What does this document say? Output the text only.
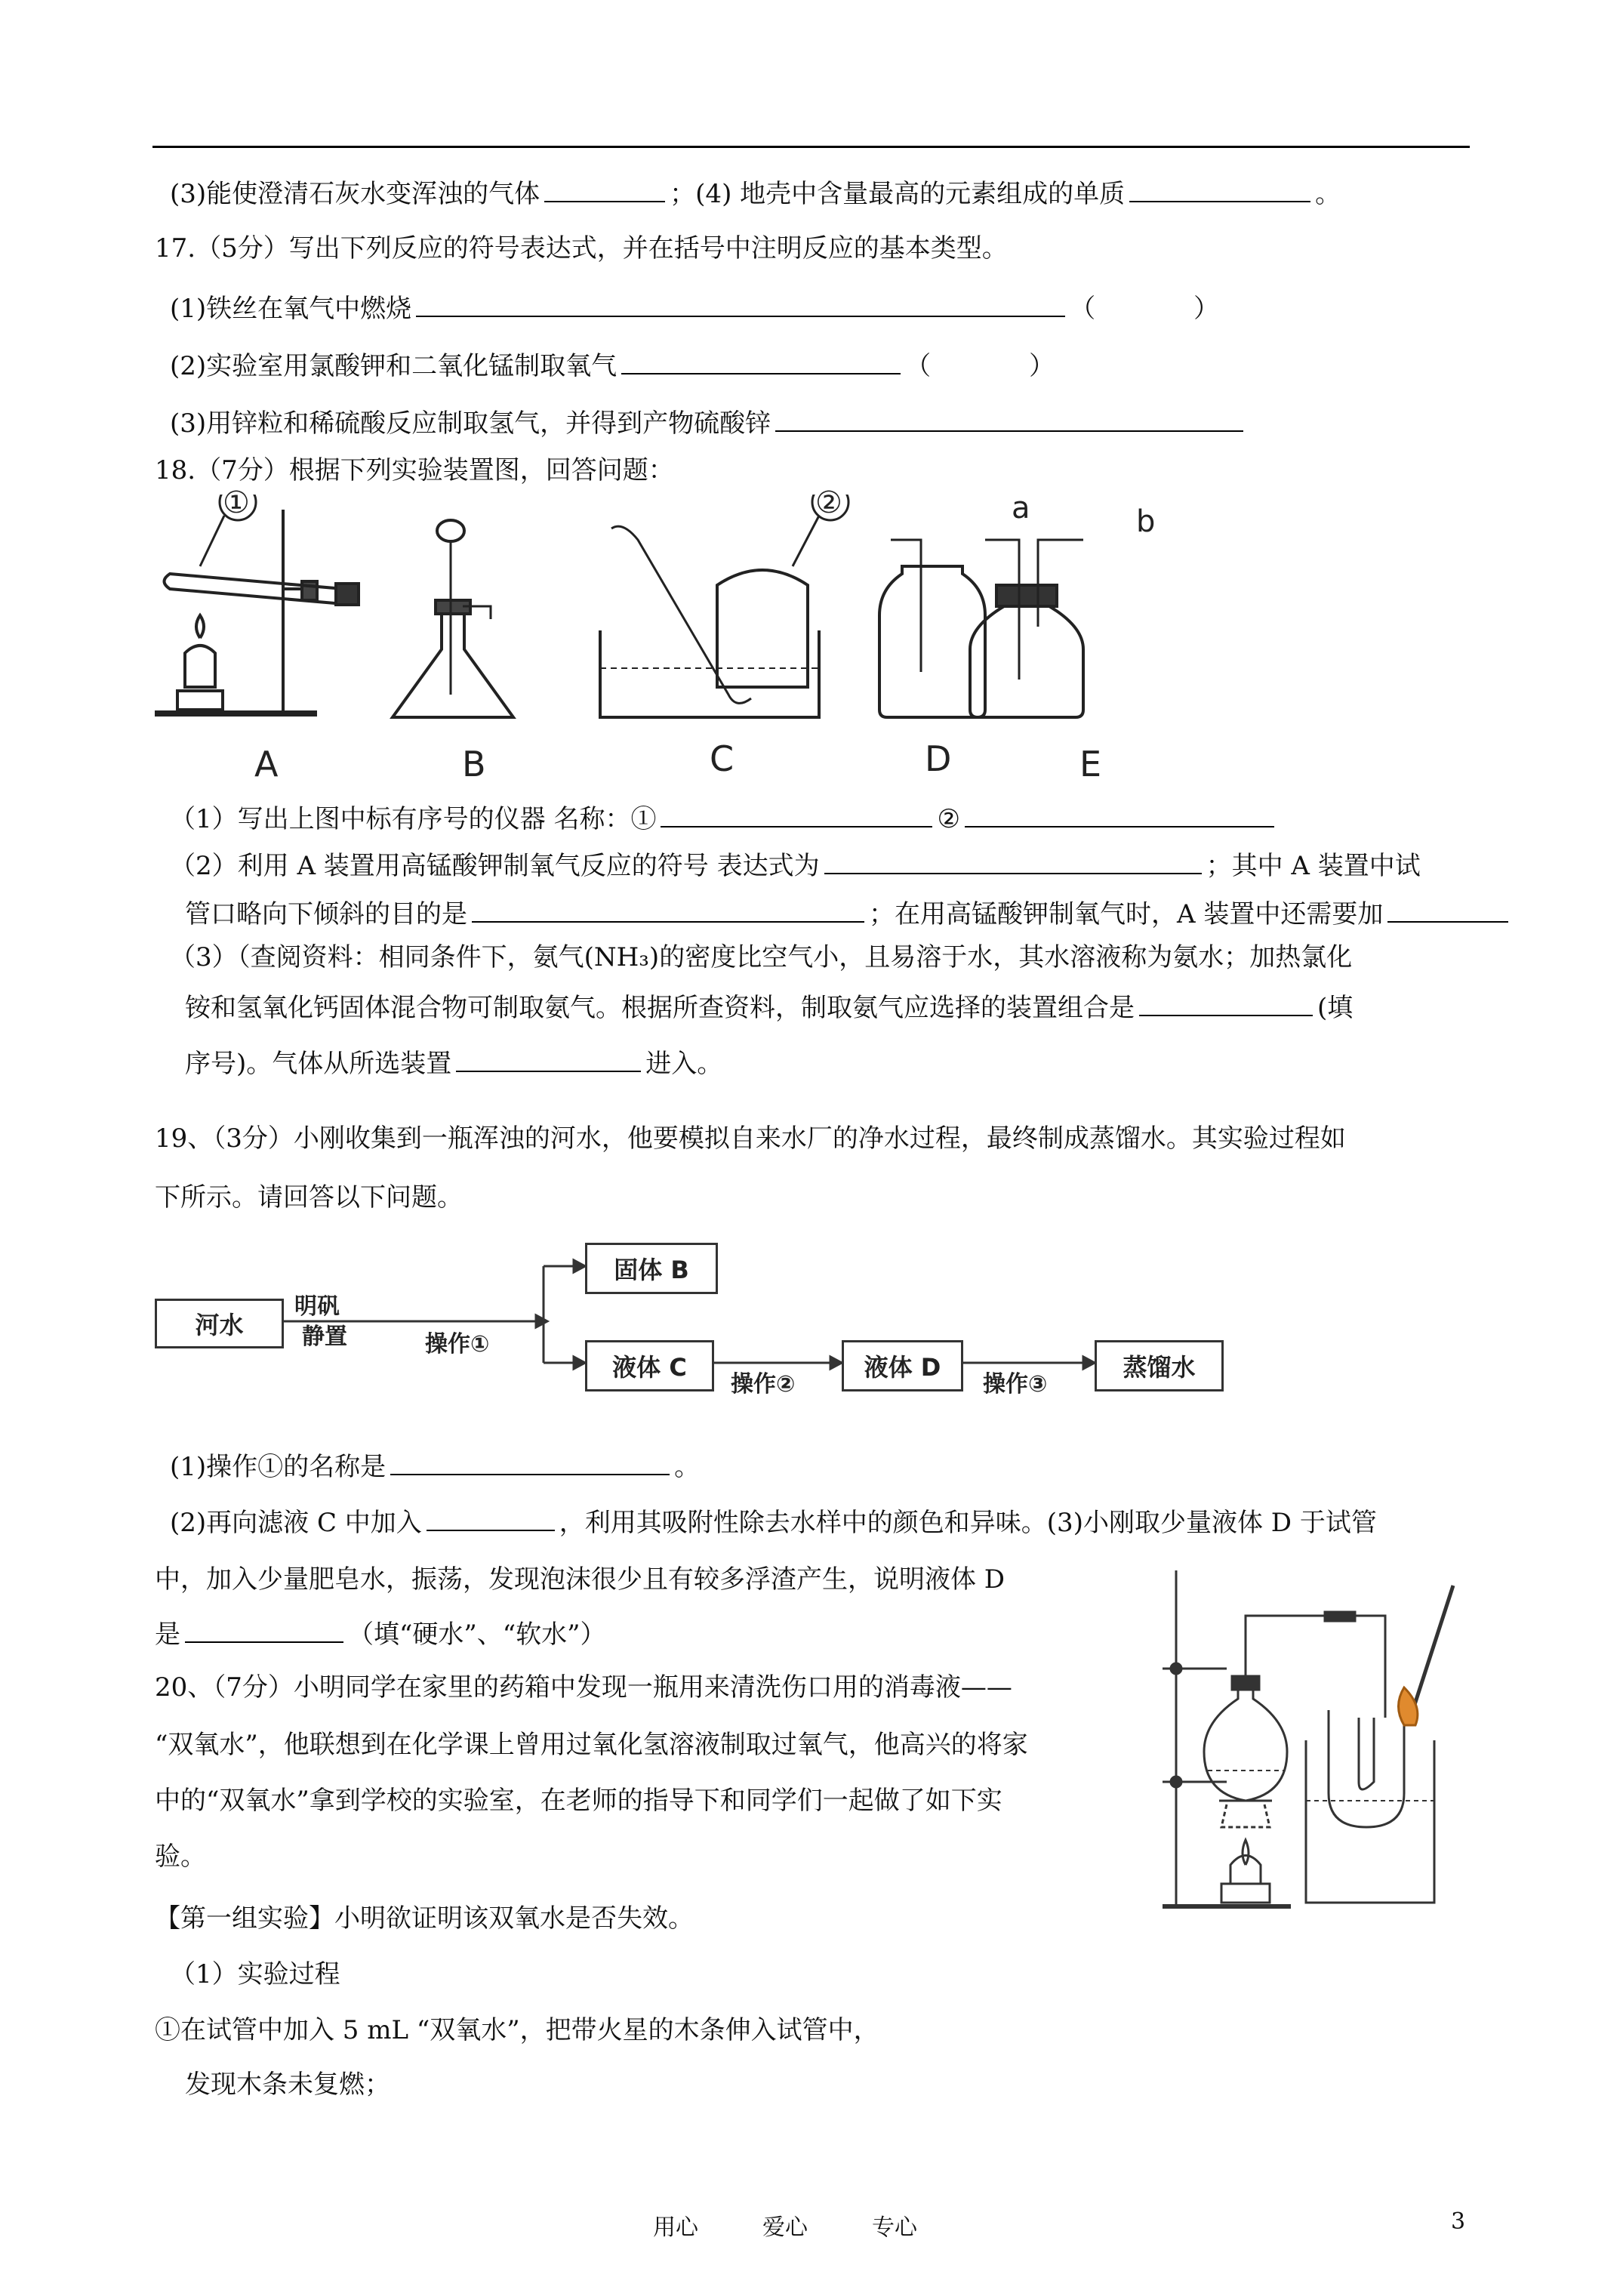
(3)能使澄清石灰水变浑浊的气体	；(4) 地壳中含量最高的元素组成的单质	。
17.（5分）写出下列反应的符号表达式，并在括号中注明反应的基本类型。
(1)铁丝在氧气中燃烧	（	）
(2)实验室用氯酸钾和二氧化锰制取氧气	（	）
(3)用锌粒和稀硫酸反应制取氢气，并得到产物硫酸锌
18.（7分）根据下列实验装置图，回答问题：
A	B	C	D	E
①	②	a	b
（1）写出上图中标有序号的仪器 名称：①	②
（2）利用 A 装置用高锰酸钾制氧气反应的符号 表达式为	；其中 A 装置中试
管口略向下倾斜的目的是	；在用高锰酸钾制氧气时，A 装置中还需要加
（3）（查阅资料：相同条件下，氨气(NH₃)的密度比空气小，且易溶于水，其水溶液称为氨水；加热氯化
铵和氢氧化钙固体混合物可制取氨气。根据所查资料，制取氨气应选择的装置组合是	(填
序号)。气体从所选装置	进入。
19、（3分）小刚收集到一瓶浑浊的河水，他要模拟自来水厂的净水过程，最终制成蒸馏水。其实验过程如
下所示。请回答以下问题。
河水
明矾
静置	操作①
固体 B
液体 C
操作②
液体 D
操作③
蒸馏水
(1)操作①的名称是	。
(2)再向滤液 C 中加入	，利用其吸附性除去水样中的颜色和异味。(3)小刚取少量液体 D 于试管
中，加入少量肥皂水，振荡，发现泡沫很少且有较多浮渣产生，说明液体 D
是	（填“硬水”、“软水”）
20、（7分）小明同学在家里的药箱中发现一瓶用来清洗伤口用的消毒液——
“双氧水”，他联想到在化学课上曾用过氧化氢溶液制取过氧气，他高兴的将家
中的“双氧水”拿到学校的实验室，在老师的指导下和同学们一起做了如下实
验。
【第一组实验】小明欲证明该双氧水是否失效。
（1）实验过程
①在试管中加入 5 mL “双氧水”，把带火星的木条伸入试管中，
发现木条未复燃；
用心	爱心	专心	3
